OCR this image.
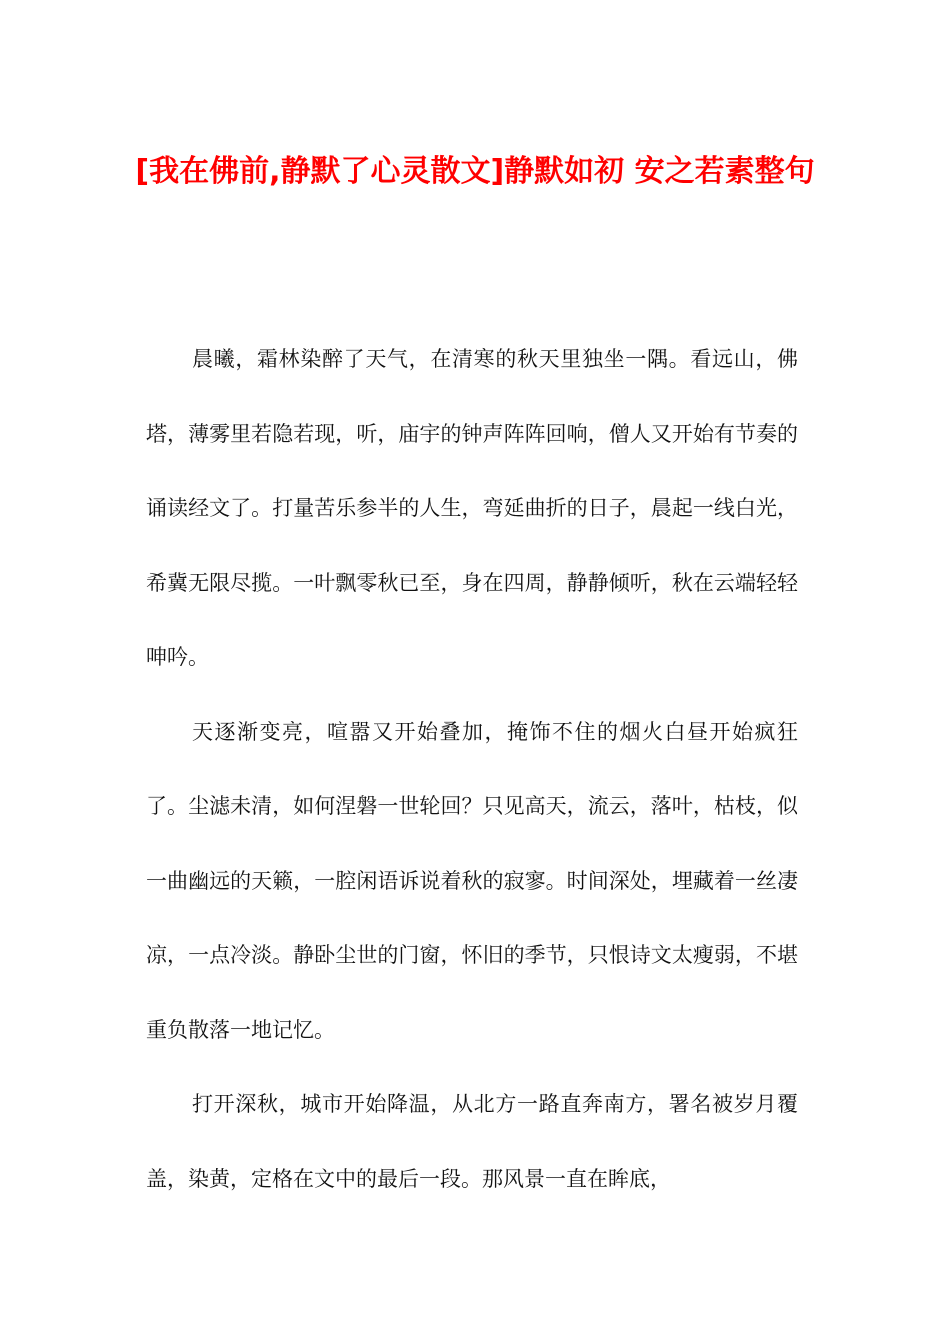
[我在佛前,静默了心灵散文]静默如初 安之若素整句

晨曦，霜林染醉了天气，在清寒的秋天里独坐一隅。看远山，佛塔，薄雾里若隐若现，听，庙宇的钟声阵阵回响，僧人又开始有节奏的诵读经文了。打量苦乐参半的人生，弯延曲折的日子，晨起一线白光，希冀无限尽揽。一叶飘零秋已至，身在四周，静静倾听，秋在云端轻轻呻吟。

天逐渐变亮，喧嚣又开始叠加，掩饰不住的烟火白昼开始疯狂了。尘滤未清，如何涅磐一世轮回？只见高天，流云，落叶，枯枝，似一曲幽远的天籁，一腔闲语诉说着秋的寂寥。时间深处，埋藏着一丝凄凉，一点冷淡。静卧尘世的门窗，怀旧的季节，只恨诗文太瘦弱，不堪重负散落一地记忆。

打开深秋，城市开始降温，从北方一路直奔南方，署名被岁月覆盖，染黄，定格在文中的最后一段。那风景一直在眸底，
